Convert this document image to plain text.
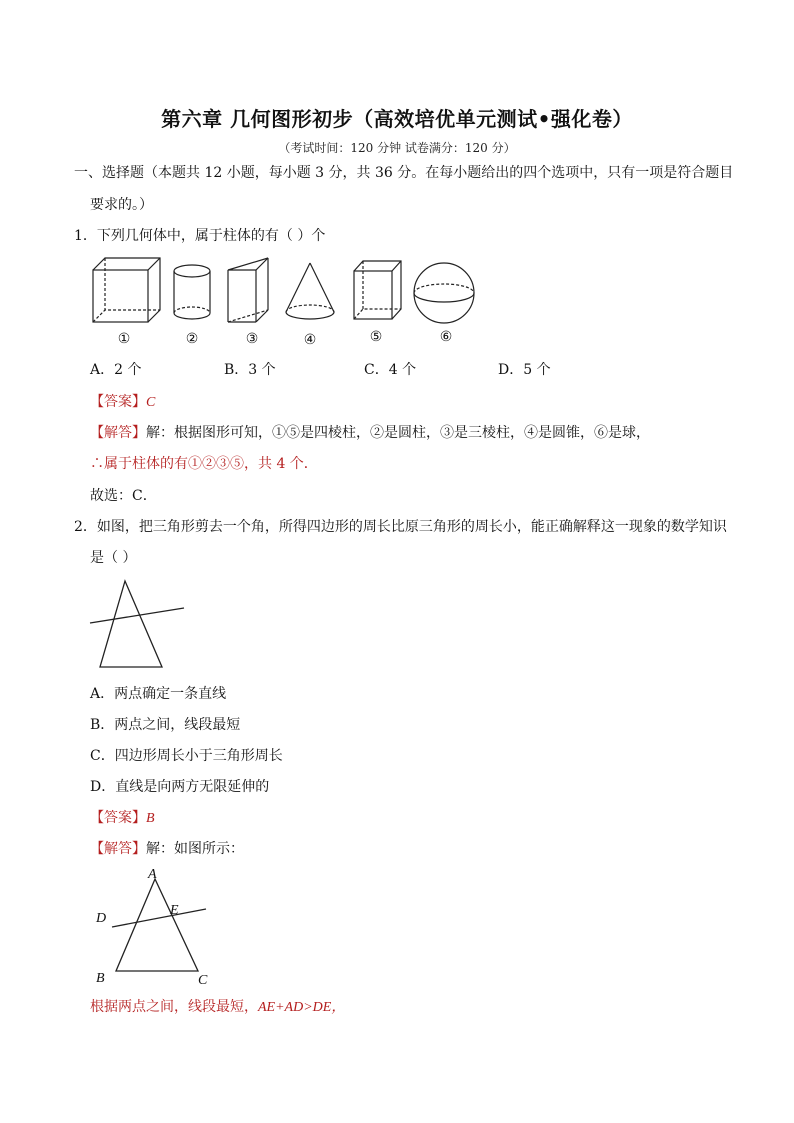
第六章 几何图形初步（高效培优单元测试•强化卷）
（考试时间：120 分钟 试卷满分：120 分）
一、选择题（本题共 12 小题，每小题 3 分，共 36 分。在每小题给出的四个选项中，只有一项是符合题目
要求的。）
1．下列几何体中，属于柱体的有（ ）个
①	②	③	④	⑤	⑥
A．2 个	B．3 个	C．4 个	D．5 个
【答案】C
【解答】解：根据图形可知，①⑤是四棱柱，②是圆柱，③是三棱柱，④是圆锥，⑥是球，
∴属于柱体的有①②③⑤，共 4 个．
故选：C．
2．如图，把三角形剪去一个角，所得四边形的周长比原三角形的周长小，能正确解释这一现象的数学知识
是（ ）
A．两点确定一条直线
B．两点之间，线段最短
C．四边形周长小于三角形周长
D．直线是向两方无限延伸的
【答案】B
【解答】解：如图所示：
A
D
E
B	C
根据两点之间，线段最短，AE+AD>DE，
